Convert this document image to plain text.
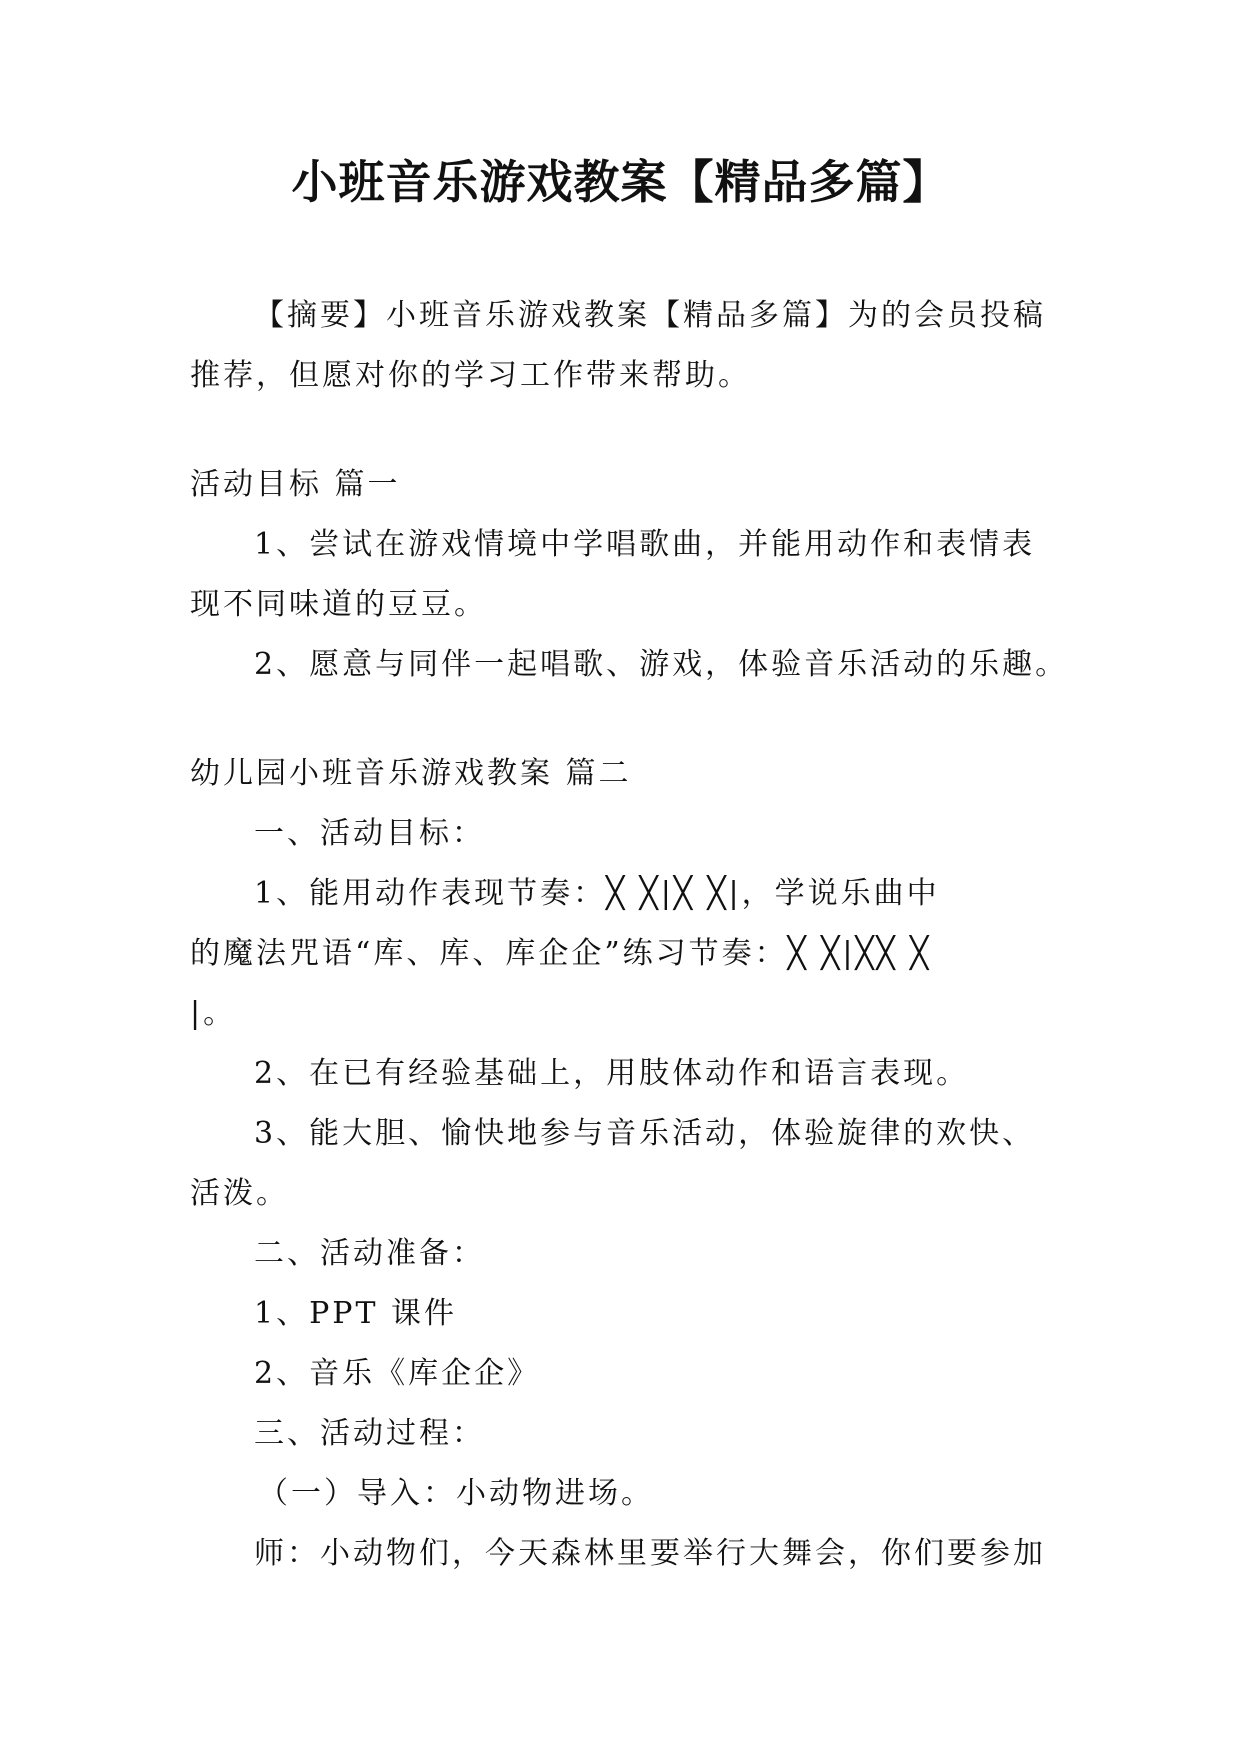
小班音乐游戏教案【精品多篇】
【摘要】小班音乐游戏教案【精品多篇】为的会员投稿
推荐，但愿对你的学习工作带来帮助。
活动目标 篇一
1、尝试在游戏情境中学唱歌曲，并能用动作和表情表
现不同味道的豆豆。
2、愿意与同伴一起唱歌、游戏，体验音乐活动的乐趣。
幼儿园小班音乐游戏教案 篇二
一、活动目标：
1、能用动作表现节奏：╳ ╳|╳ ╳|，学说乐曲中
的魔法咒语“库、库、库企企”练习节奏：╳ ╳|╳╳ ╳
|。
2、在已有经验基础上，用肢体动作和语言表现。
3、能大胆、愉快地参与音乐活动，体验旋律的欢快、
活泼。
二、活动准备：
1、PPT 课件
2、音乐《库企企》
三、活动过程：
（一）导入：小动物进场。
师：小动物们，今天森林里要举行大舞会，你们要参加
